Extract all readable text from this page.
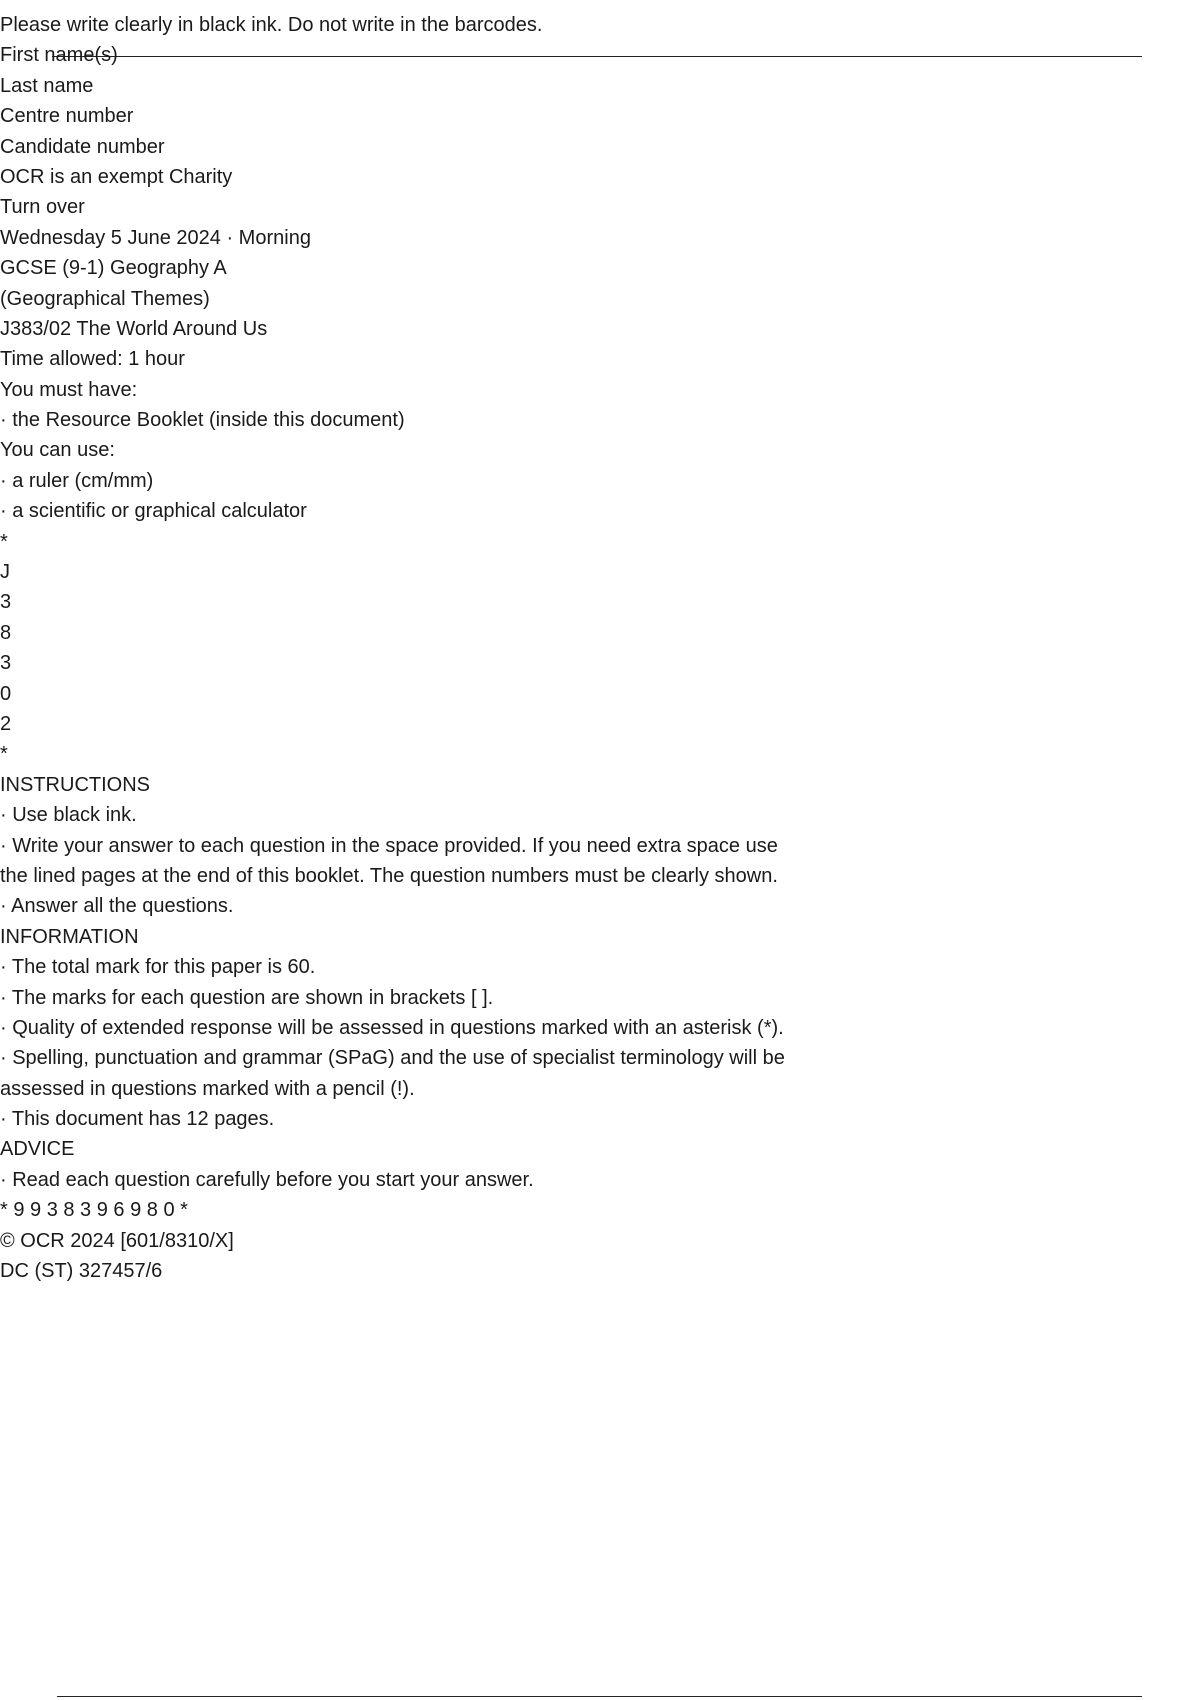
Please write clearly in black ink. Do not write in the barcodes.
First name(s)
Last name
Centre number
Candidate number
OCR is an exempt Charity
Turn over
Wednesday 5 June 2024 · Morning
GCSE (9-1) Geography A
(Geographical Themes)
J383/02 The World Around Us
Time allowed: 1 hour
You must have:
· the Resource Booklet (inside this document)
You can use:
· a ruler (cm/mm)
· a scientific or graphical calculator
*
J
3
8
3
0
2
*
INSTRUCTIONS
· Use black ink.
· Write your answer to each question in the space provided. If you need extra space use
the lined pages at the end of this booklet. The question numbers must be clearly shown.
· Answer all the questions.
INFORMATION
· The total mark for this paper is 60.
· The marks for each question are shown in brackets [ ].
· Quality of extended response will be assessed in questions marked with an asterisk (*).
· Spelling, punctuation and grammar (SPaG) and the use of specialist terminology will be
assessed in questions marked with a pencil (!).
· This document has 12 pages.
ADVICE
· Read each question carefully before you start your answer.
* 9 9 3 8 3 9 6 9 8 0 *
© OCR 2024 [601/8310/X]
DC (ST) 327457/6
